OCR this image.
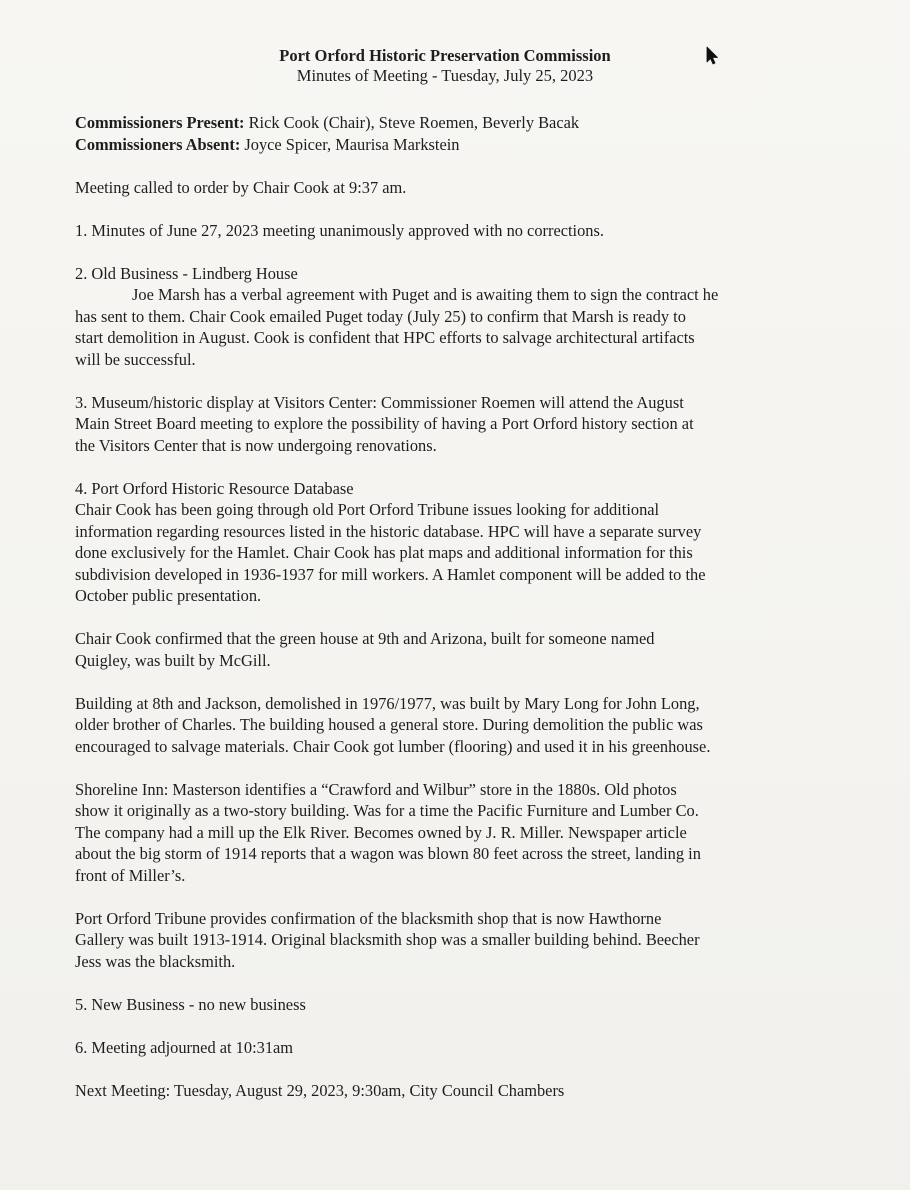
Port Orford Historic Preservation Commission
Minutes of Meeting - Tuesday, July 25, 2023
Commissioners Present: Rick Cook (Chair), Steve Roemen, Beverly Bacak
Commissioners Absent: Joyce Spicer, Maurisa Markstein
Meeting called to order by Chair Cook at 9:37 am.
1. Minutes of June 27, 2023 meeting unanimously approved with no corrections.
2. Old Business - Lindberg House
Joe Marsh has a verbal agreement with Puget and is awaiting them to sign the contract he
has sent to them. Chair Cook emailed Puget today (July 25) to confirm that Marsh is ready to
start demolition in August. Cook is confident that HPC efforts to salvage architectural artifacts
will be successful.
3. Museum/historic display at Visitors Center: Commissioner Roemen will attend the August
Main Street Board meeting to explore the possibility of having a Port Orford history section at
the Visitors Center that is now undergoing renovations.
4. Port Orford Historic Resource Database
Chair Cook has been going through old Port Orford Tribune issues looking for additional
information regarding resources listed in the historic database. HPC will have a separate survey
done exclusively for the Hamlet. Chair Cook has plat maps and additional information for this
subdivision developed in 1936-1937 for mill workers. A Hamlet component will be added to the
October public presentation.
Chair Cook confirmed that the green house at 9th and Arizona, built for someone named
Quigley, was built by McGill.
Building at 8th and Jackson, demolished in 1976/1977, was built by Mary Long for John Long,
older brother of Charles. The building housed a general store. During demolition the public was
encouraged to salvage materials. Chair Cook got lumber (flooring) and used it in his greenhouse.
Shoreline Inn: Masterson identifies a “Crawford and Wilbur” store in the 1880s. Old photos
show it originally as a two-story building. Was for a time the Pacific Furniture and Lumber Co.
The company had a mill up the Elk River. Becomes owned by J. R. Miller. Newspaper article
about the big storm of 1914 reports that a wagon was blown 80 feet across the street, landing in
front of Miller’s.
Port Orford Tribune provides confirmation of the blacksmith shop that is now Hawthorne
Gallery was built 1913-1914. Original blacksmith shop was a smaller building behind. Beecher
Jess was the blacksmith.
5. New Business - no new business
6. Meeting adjourned at 10:31am
Next Meeting: Tuesday, August 29, 2023, 9:30am, City Council Chambers
